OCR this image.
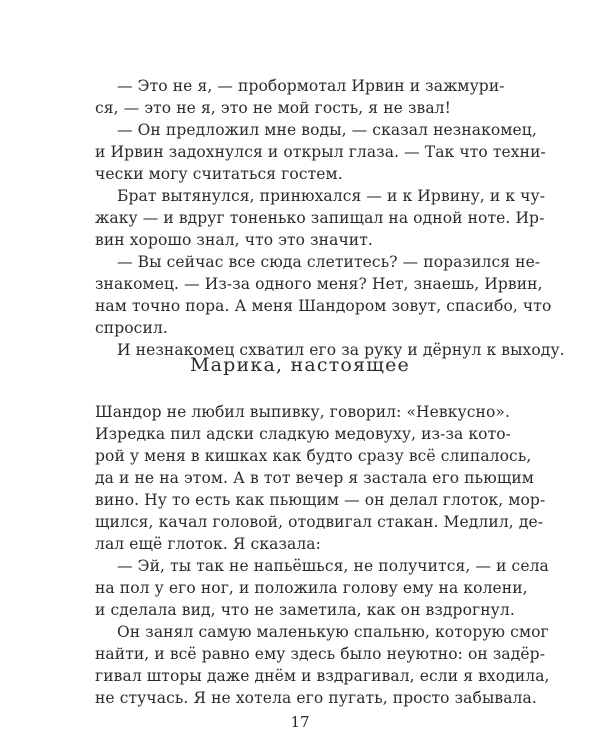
— Это не я, — пробормотал Ирвин и зажмури-
ся, — это не я, это не мой гость, я не звал!
— Он предложил мне воды, — сказал незнакомец,
и Ирвин задохнулся и открыл глаза. — Так что техни-
чески могу считаться гостем.
Брат вытянулся, принюхался — и к Ирвину, и к чу-
жаку — и вдруг тоненько запищал на одной ноте. Ир-
вин хорошо знал, что это значит.
— Вы сейчас все сюда слетитесь? — поразился не-
знакомец. — Из-за одного меня? Нет, знаешь, Ирвин,
нам точно пора. А меня Шандором зовут, спасибо, что
спросил.
И незнакомец схватил его за руку и дёрнул к выходу.
Марика, настоящее
Шандор не любил выпивку, говорил: «Невкусно».
Изредка пил адски сладкую медовуху, из-за кото-
рой у меня в кишках как будто сразу всё слипалось,
да и не на этом. А в тот вечер я застала его пьющим
вино. Ну то есть как пьющим — он делал глоток, мор-
щился, качал головой, отодвигал стакан. Медлил, де-
лал ещё глоток. Я сказала:
— Эй, ты так не напьёшься, не получится, — и села
на пол у его ног, и положила голову ему на колени,
и сделала вид, что не заметила, как он вздрогнул.
Он занял самую маленькую спальню, которую смог
найти, и всё равно ему здесь было неуютно: он задёр-
гивал шторы даже днём и вздрагивал, если я входила,
не стучась. Я не хотела его пугать, просто забывала.
17
